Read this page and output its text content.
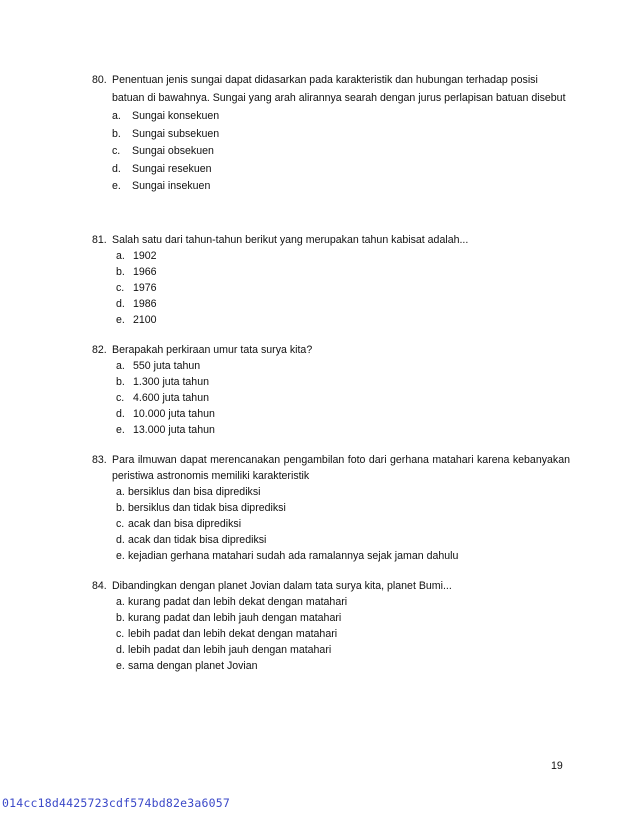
80. Penentuan jenis sungai dapat didasarkan pada karakteristik dan hubungan terhadap posisi batuan di bawahnya. Sungai yang arah alirannya searah dengan jurus perlapisan batuan disebut
a. Sungai konsekuen
b. Sungai subsekuen
c. Sungai obsekuen
d. Sungai resekuen
e. Sungai insekuen
81. Salah satu dari tahun-tahun berikut yang merupakan tahun kabisat adalah...
a. 1902
b. 1966
c. 1976
d. 1986
e. 2100
82. Berapakah perkiraan umur tata surya kita?
a. 550 juta tahun
b. 1.300 juta tahun
c. 4.600 juta tahun
d. 10.000 juta tahun
e. 13.000 juta tahun
83. Para ilmuwan dapat merencanakan pengambilan foto dari gerhana matahari karena kebanyakan peristiwa astronomis memiliki karakteristik
a. bersiklus dan bisa diprediksi
b. bersiklus dan tidak bisa diprediksi
c. acak dan bisa diprediksi
d. acak dan tidak bisa diprediksi
e. kejadian gerhana matahari sudah ada ramalannya sejak jaman dahulu
84. Dibandingkan dengan planet Jovian dalam tata surya kita, planet Bumi...
a. kurang padat dan lebih dekat dengan matahari
b. kurang padat dan lebih jauh dengan matahari
c. lebih padat dan lebih dekat dengan matahari
d. lebih padat dan lebih jauh dengan matahari
e. sama dengan planet Jovian
19
014cc18d4425723cdf574bd82e3a6057
